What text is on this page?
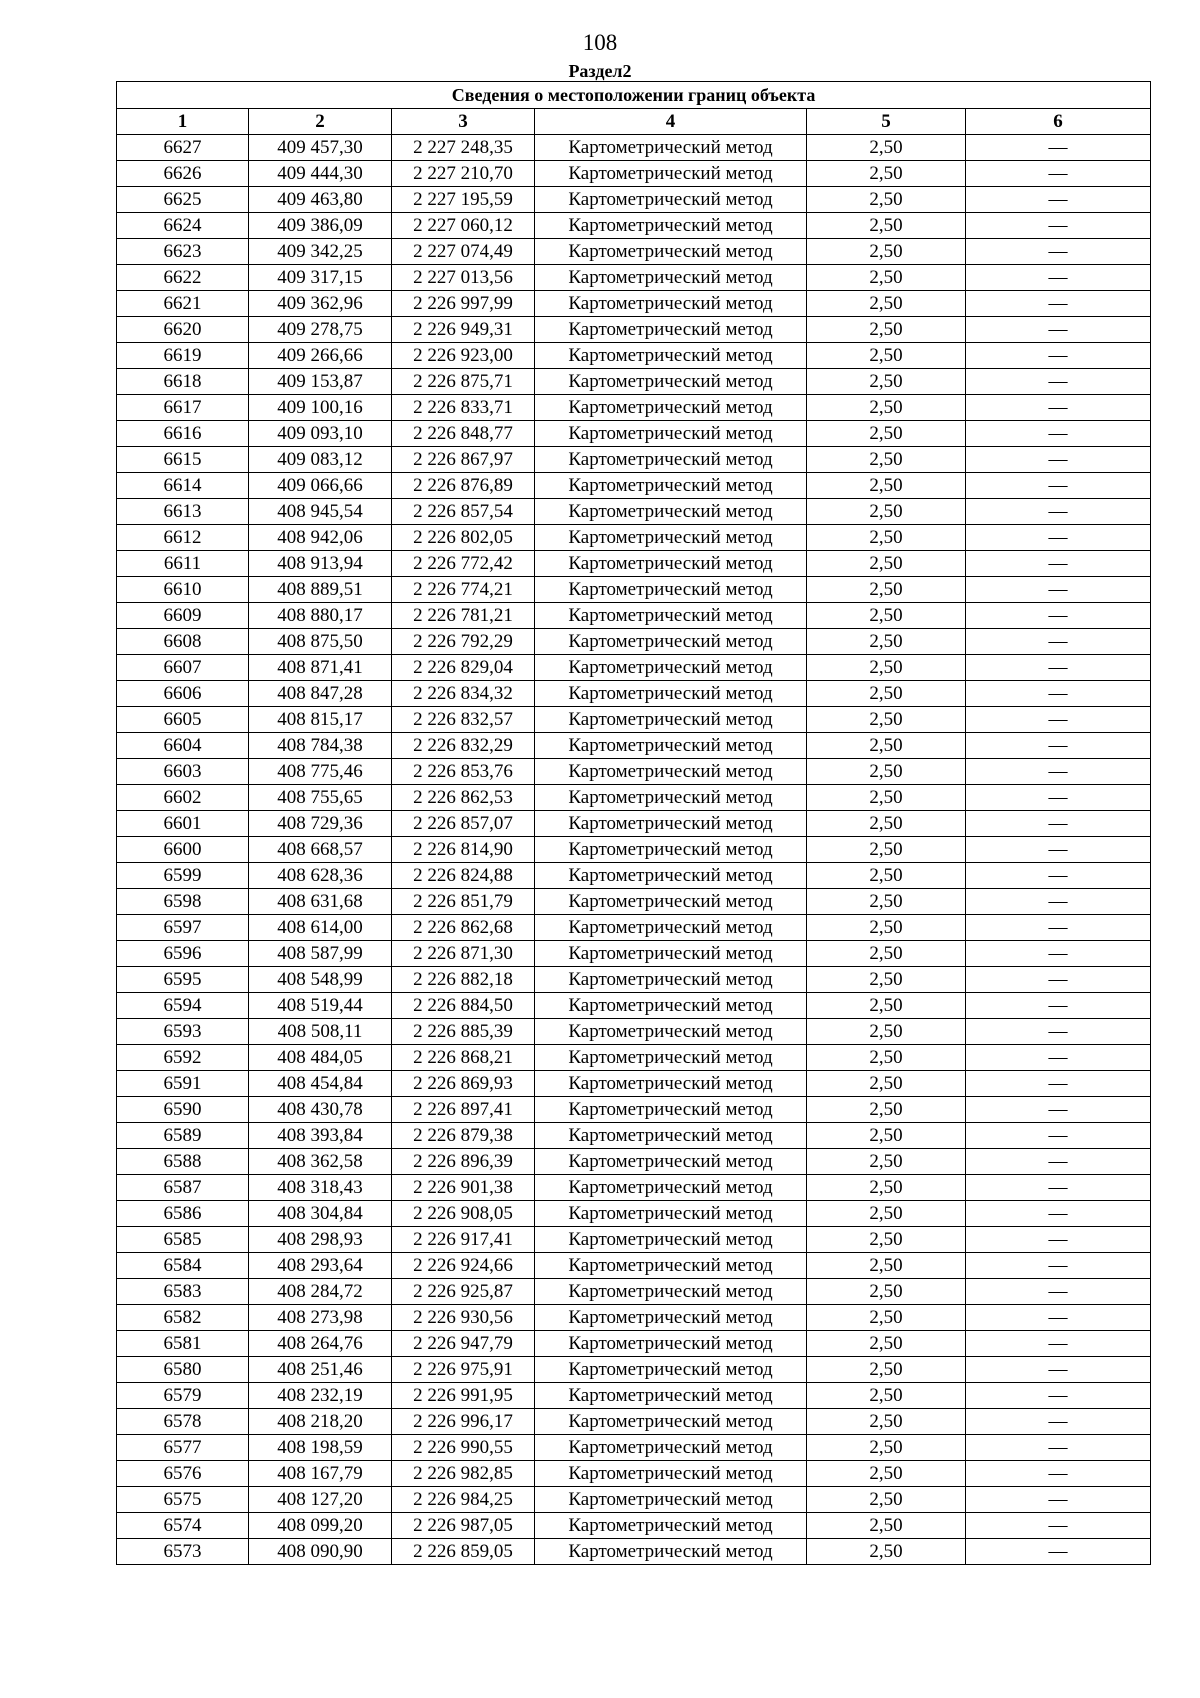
108
Раздел2
Сведения о местоположении границ объекта					
1	2	3	4	5	6
6627	409 457,30	2 227 248,35	Картометрический метод	2,50	—
6626	409 444,30	2 227 210,70	Картометрический метод	2,50	—
6625	409 463,80	2 227 195,59	Картометрический метод	2,50	—
6624	409 386,09	2 227 060,12	Картометрический метод	2,50	—
6623	409 342,25	2 227 074,49	Картометрический метод	2,50	—
6622	409 317,15	2 227 013,56	Картометрический метод	2,50	—
6621	409 362,96	2 226 997,99	Картометрический метод	2,50	—
6620	409 278,75	2 226 949,31	Картометрический метод	2,50	—
6619	409 266,66	2 226 923,00	Картометрический метод	2,50	—
6618	409 153,87	2 226 875,71	Картометрический метод	2,50	—
6617	409 100,16	2 226 833,71	Картометрический метод	2,50	—
6616	409 093,10	2 226 848,77	Картометрический метод	2,50	—
6615	409 083,12	2 226 867,97	Картометрический метод	2,50	—
6614	409 066,66	2 226 876,89	Картометрический метод	2,50	—
6613	408 945,54	2 226 857,54	Картометрический метод	2,50	—
6612	408 942,06	2 226 802,05	Картометрический метод	2,50	—
6611	408 913,94	2 226 772,42	Картометрический метод	2,50	—
6610	408 889,51	2 226 774,21	Картометрический метод	2,50	—
6609	408 880,17	2 226 781,21	Картометрический метод	2,50	—
6608	408 875,50	2 226 792,29	Картометрический метод	2,50	—
6607	408 871,41	2 226 829,04	Картометрический метод	2,50	—
6606	408 847,28	2 226 834,32	Картометрический метод	2,50	—
6605	408 815,17	2 226 832,57	Картометрический метод	2,50	—
6604	408 784,38	2 226 832,29	Картометрический метод	2,50	—
6603	408 775,46	2 226 853,76	Картометрический метод	2,50	—
6602	408 755,65	2 226 862,53	Картометрический метод	2,50	—
6601	408 729,36	2 226 857,07	Картометрический метод	2,50	—
6600	408 668,57	2 226 814,90	Картометрический метод	2,50	—
6599	408 628,36	2 226 824,88	Картометрический метод	2,50	—
6598	408 631,68	2 226 851,79	Картометрический метод	2,50	—
6597	408 614,00	2 226 862,68	Картометрический метод	2,50	—
6596	408 587,99	2 226 871,30	Картометрический метод	2,50	—
6595	408 548,99	2 226 882,18	Картометрический метод	2,50	—
6594	408 519,44	2 226 884,50	Картометрический метод	2,50	—
6593	408 508,11	2 226 885,39	Картометрический метод	2,50	—
6592	408 484,05	2 226 868,21	Картометрический метод	2,50	—
6591	408 454,84	2 226 869,93	Картометрический метод	2,50	—
6590	408 430,78	2 226 897,41	Картометрический метод	2,50	—
6589	408 393,84	2 226 879,38	Картометрический метод	2,50	—
6588	408 362,58	2 226 896,39	Картометрический метод	2,50	—
6587	408 318,43	2 226 901,38	Картометрический метод	2,50	—
6586	408 304,84	2 226 908,05	Картометрический метод	2,50	—
6585	408 298,93	2 226 917,41	Картометрический метод	2,50	—
6584	408 293,64	2 226 924,66	Картометрический метод	2,50	—
6583	408 284,72	2 226 925,87	Картометрический метод	2,50	—
6582	408 273,98	2 226 930,56	Картометрический метод	2,50	—
6581	408 264,76	2 226 947,79	Картометрический метод	2,50	—
6580	408 251,46	2 226 975,91	Картометрический метод	2,50	—
6579	408 232,19	2 226 991,95	Картометрический метод	2,50	—
6578	408 218,20	2 226 996,17	Картометрический метод	2,50	—
6577	408 198,59	2 226 990,55	Картометрический метод	2,50	—
6576	408 167,79	2 226 982,85	Картометрический метод	2,50	—
6575	408 127,20	2 226 984,25	Картометрический метод	2,50	—
6574	408 099,20	2 226 987,05	Картометрический метод	2,50	—
6573	408 090,90	2 226 859,05	Картометрический метод	2,50	—
